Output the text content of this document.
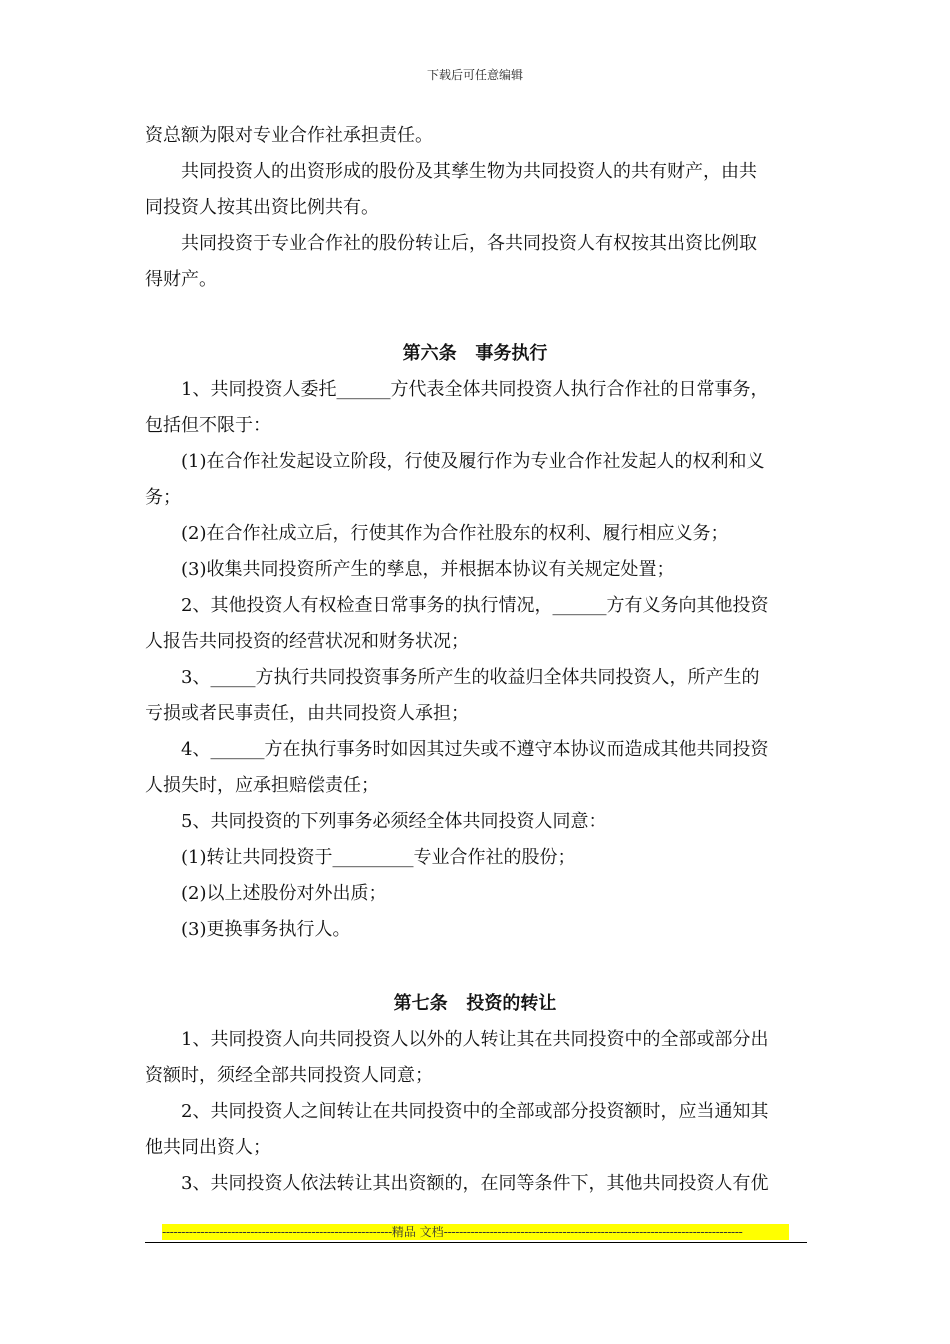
下载后可任意编辑
资总额为限对专业合作社承担责任。
共同投资人的出资形成的股份及其孳生物为共同投资人的共有财产，由共
同投资人按其出资比例共有。
共同投资于专业合作社的股份转让后，各共同投资人有权按其出资比例取
得财产。
第六条   事务执行
1、共同投资人委托______方代表全体共同投资人执行合作社的日常事务，
包括但不限于：
(1)在合作社发起设立阶段，行使及履行作为专业合作社发起人的权利和义
务；
(2)在合作社成立后，行使其作为合作社股东的权利、履行相应义务；
(3)收集共同投资所产生的孳息，并根据本协议有关规定处置；
2、其他投资人有权检查日常事务的执行情况，______方有义务向其他投资
人报告共同投资的经营状况和财务状况；
3、_____方执行共同投资事务所产生的收益归全体共同投资人，所产生的
亏损或者民事责任，由共同投资人承担；
4、______方在执行事务时如因其过失或不遵守本协议而造成其他共同投资
人损失时，应承担赔偿责任；
5、共同投资的下列事务必须经全体共同投资人同意：
(1)转让共同投资于_________专业合作社的股份；
(2)以上述股份对外出质；
(3)更换事务执行人。
第七条   投资的转让
1、共同投资人向共同投资人以外的人转让其在共同投资中的全部或部分出
资额时，须经全部共同投资人同意；
2、共同投资人之间转让在共同投资中的全部或部分投资额时，应当通知其
他共同出资人；
3、共同投资人依法转让其出资额的，在同等条件下，其他共同投资人有优
------------------------------------------------------------精品 文档------------------------------------------------------------------------------
